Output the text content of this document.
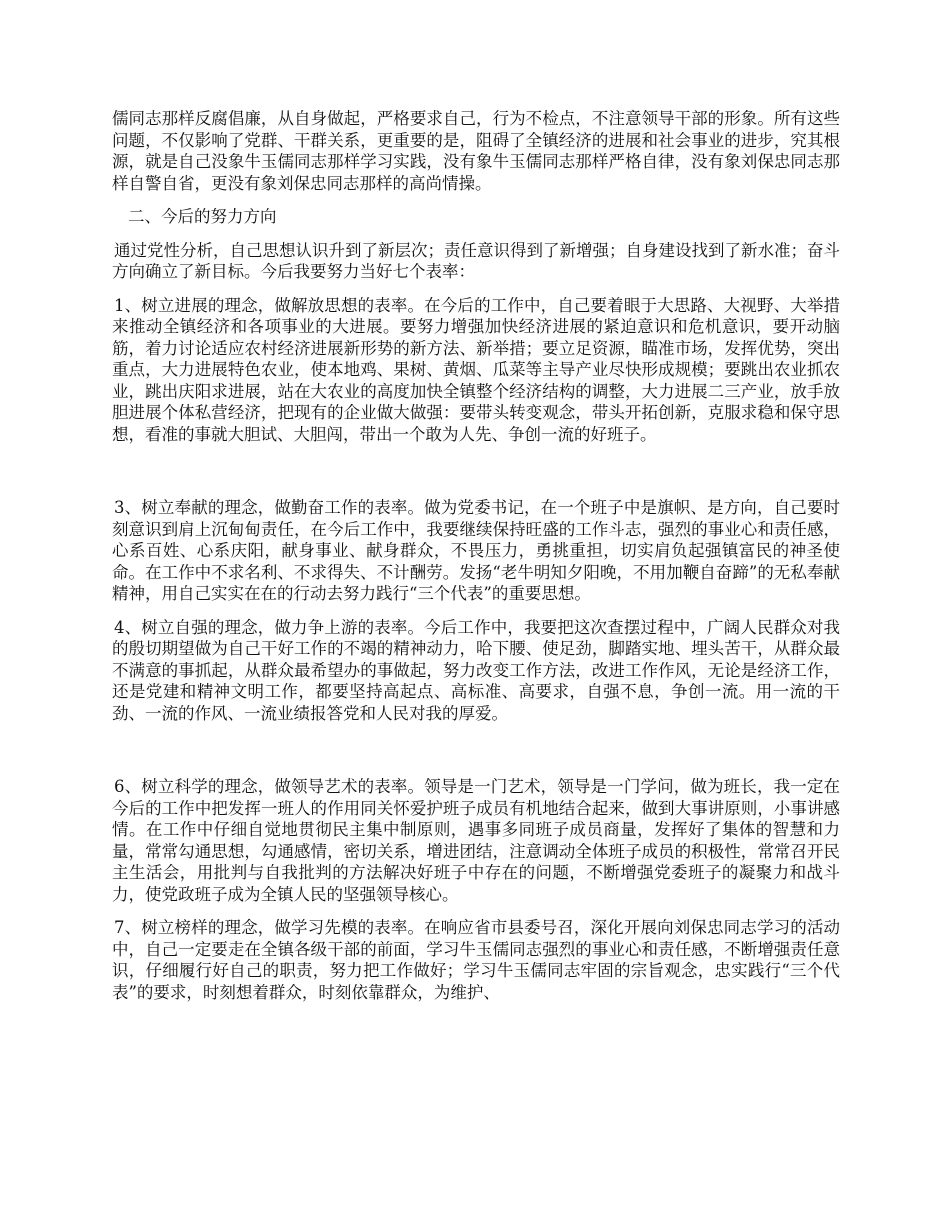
儒同志那样反腐倡廉，从自身做起，严格要求自己，行为不检点，不注意领导干部的形象。所有这些问题，不仅影响了党群、干群关系，更重要的是，阻碍了全镇经济的进展和社会事业的进步，究其根源，就是自己没象牛玉儒同志那样学习实践，没有象牛玉儒同志那样严格自律，没有象刘保忠同志那样自警自省，更没有象刘保忠同志那样的高尚情操。

二、今后的努力方向

通过党性分析，自己思想认识升到了新层次；责任意识得到了新增强；自身建设找到了新水准；奋斗方向确立了新目标。今后我要努力当好七个表率：

1、树立进展的理念，做解放思想的表率。在今后的工作中，自己要着眼于大思路、大视野、大举措来推动全镇经济和各项事业的大进展。要努力增强加快经济进展的紧迫意识和危机意识，要开动脑筋，着力讨论适应农村经济进展新形势的新方法、新举措；要立足资源，瞄准市场，发挥优势，突出重点，大力进展特色农业，使本地鸡、果树、黄烟、瓜菜等主导产业尽快形成规模；要跳出农业抓农业，跳出庆阳求进展，站在大农业的高度加快全镇整个经济结构的调整，大力进展二三产业，放手放胆进展个体私营经济，把现有的企业做大做强：要带头转变观念，带头开拓创新，克服求稳和保守思想，看准的事就大胆试、大胆闯，带出一个敢为人先、争创一流的好班子。

3、树立奉献的理念，做勤奋工作的表率。做为党委书记，在一个班子中是旗帜、是方向，自己要时刻意识到肩上沉甸甸责任，在今后工作中，我要继续保持旺盛的工作斗志，强烈的事业心和责任感，心系百姓、心系庆阳，献身事业、献身群众，不畏压力，勇挑重担，切实肩负起强镇富民的神圣使命。在工作中不求名利、不求得失、不计酬劳。发扬“老牛明知夕阳晚，不用加鞭自奋蹄”的无私奉献精神，用自己实实在在的行动去努力践行“三个代表”的重要思想。

4、树立自强的理念，做力争上游的表率。今后工作中，我要把这次查摆过程中，广阔人民群众对我的殷切期望做为自己干好工作的不竭的精神动力，哈下腰、使足劲，脚踏实地、埋头苦干，从群众最不满意的事抓起，从群众最希望办的事做起，努力改变工作方法，改进工作作风，无论是经济工作，还是党建和精神文明工作，都要坚持高起点、高标准、高要求，自强不息，争创一流。用一流的干劲、一流的作风、一流业绩报答党和人民对我的厚爱。

6、树立科学的理念，做领导艺术的表率。领导是一门艺术，领导是一门学问，做为班长，我一定在今后的工作中把发挥一班人的作用同关怀爱护班子成员有机地结合起来，做到大事讲原则，小事讲感情。在工作中仔细自觉地贯彻民主集中制原则，遇事多同班子成员商量，发挥好了集体的智慧和力量，常常勾通思想，勾通感情，密切关系，增进团结，注意调动全体班子成员的积极性，常常召开民主生活会，用批判与自我批判的方法解决好班子中存在的问题，不断增强党委班子的凝聚力和战斗力，使党政班子成为全镇人民的坚强领导核心。

7、树立榜样的理念，做学习先模的表率。在响应省市县委号召，深化开展向刘保忠同志学习的活动中，自己一定要走在全镇各级干部的前面，学习牛玉儒同志强烈的事业心和责任感，不断增强责任意识，仔细履行好自己的职责，努力把工作做好；学习牛玉儒同志牢固的宗旨观念，忠实践行“三个代表”的要求，时刻想着群众，时刻依靠群众，为维护、
